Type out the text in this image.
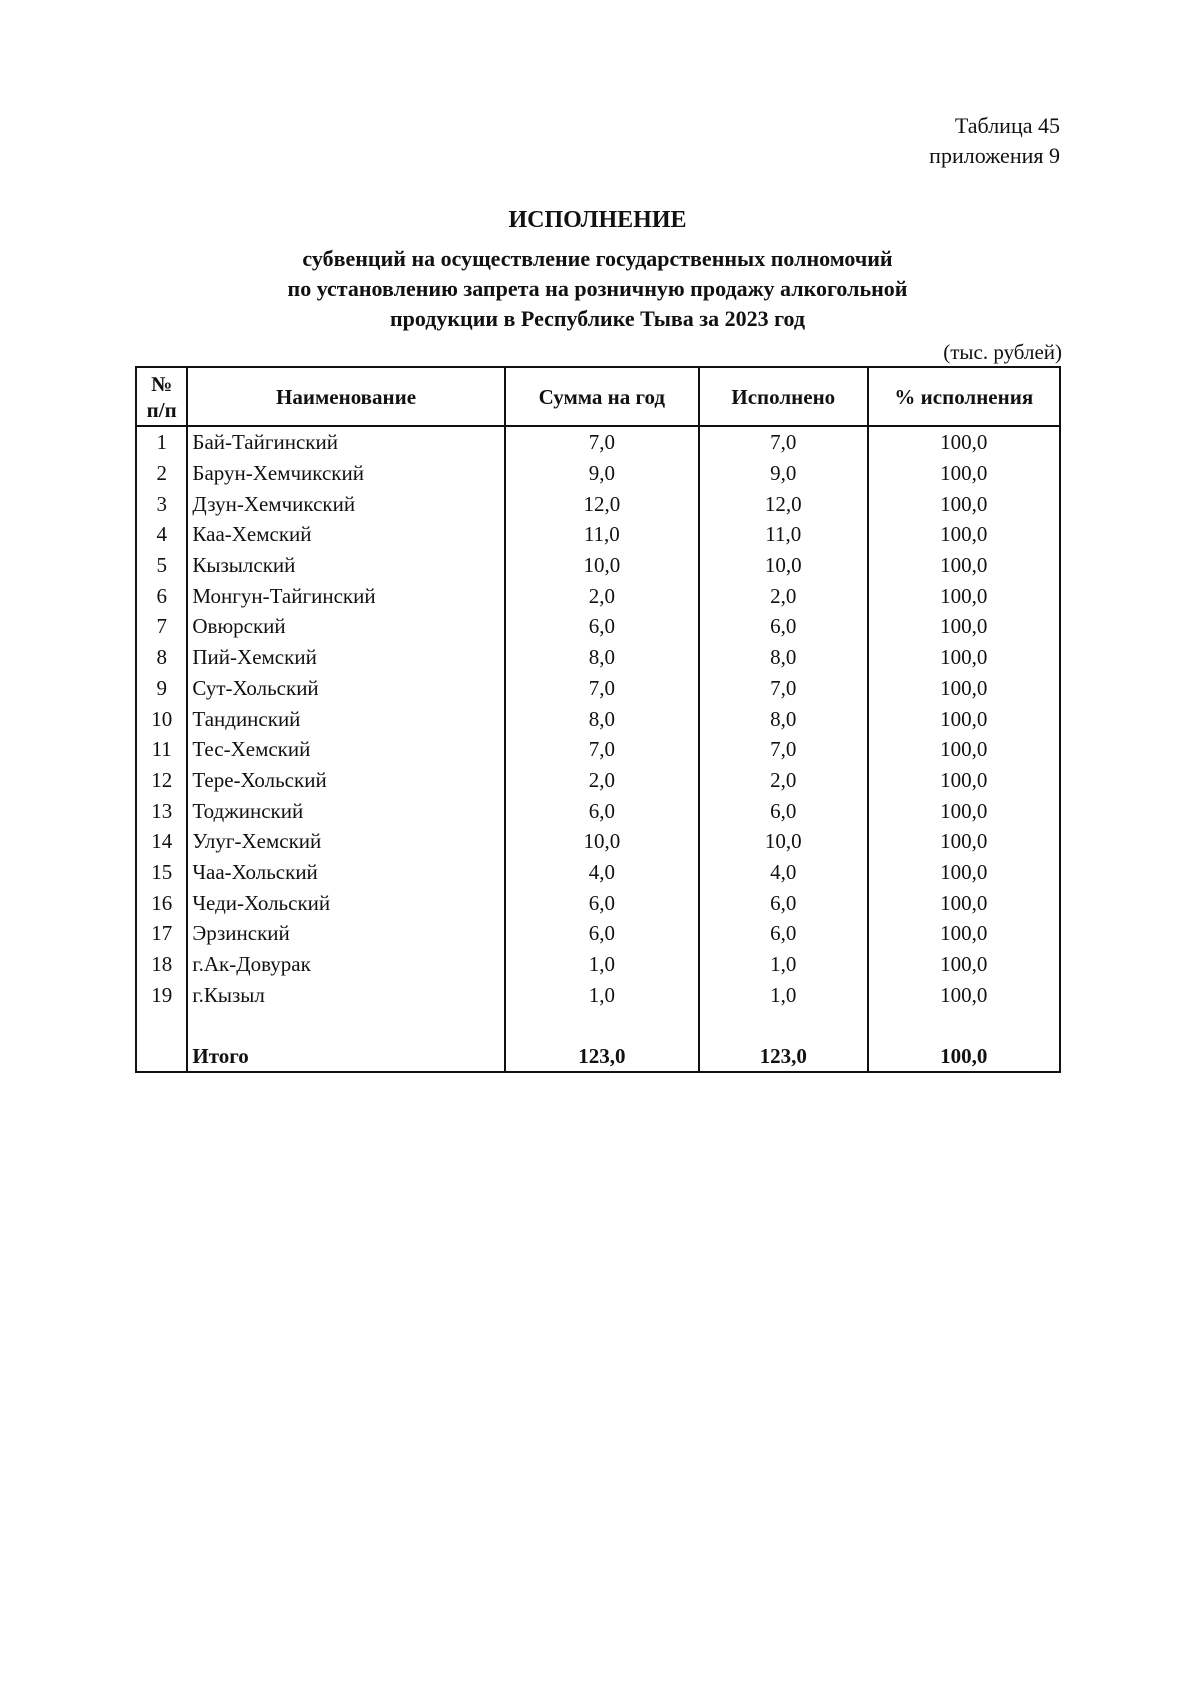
Таблица 45
приложения 9
ИСПОЛНЕНИЕ
субвенций на осуществление государственных полномочий
по установлению запрета на розничную продажу алкогольной
продукции в Республике Тыва за 2023 год
(тыс. рублей)
№
п/п	Наименование	Сумма на год	Исполнено	% исполнения
1	Бай-Тайгинский	7,0	7,0	100,0
2	Барун-Хемчикский	9,0	9,0	100,0
3	Дзун-Хемчикский	12,0	12,0	100,0
4	Каа-Хемский	11,0	11,0	100,0
5	Кызылский	10,0	10,0	100,0
6	Монгун-Тайгинский	2,0	2,0	100,0
7	Овюрский	6,0	6,0	100,0
8	Пий-Хемский	8,0	8,0	100,0
9	Сут-Хольский	7,0	7,0	100,0
10	Тандинский	8,0	8,0	100,0
11	Тес-Хемский	7,0	7,0	100,0
12	Тере-Хольский	2,0	2,0	100,0
13	Тоджинский	6,0	6,0	100,0
14	Улуг-Хемский	10,0	10,0	100,0
15	Чаа-Хольский	4,0	4,0	100,0
16	Чеди-Хольский	6,0	6,0	100,0
17	Эрзинский	6,0	6,0	100,0
18	г.Ак-Довурак	1,0	1,0	100,0
19	г.Кызыл	1,0	1,0	100,0

	Итого	123,0	123,0	100,0
